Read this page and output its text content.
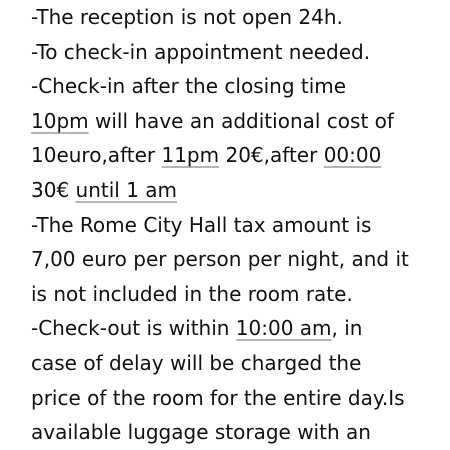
-The reception is not open 24h.
-To check-in appointment needed.
-Check-in after the closing time
10pm will have an additional cost of
10euro,after 11pm 20€,after 00:00
30€ until 1 am
-The Rome City Hall tax amount is
7,00 euro per person per night, and it
is not included in the room rate.
-Check-out is within 10:00 am, in
case of delay will be charged the
price of the room for the entire day.Is
available luggage storage with an
